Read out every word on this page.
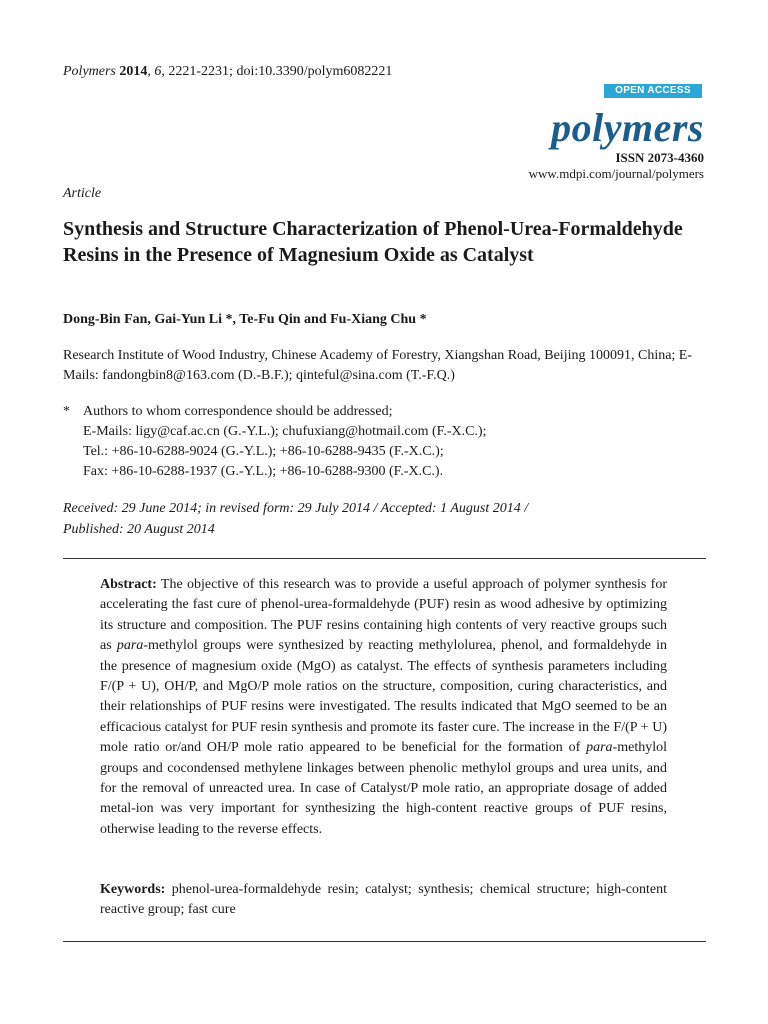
Polymers 2014, 6, 2221-2231; doi:10.3390/polym6082221
OPEN ACCESS
polymers
ISSN 2073-4360
www.mdpi.com/journal/polymers
Article
Synthesis and Structure Characterization of Phenol-Urea-Formaldehyde Resins in the Presence of Magnesium Oxide as Catalyst
Dong-Bin Fan, Gai-Yun Li *, Te-Fu Qin and Fu-Xiang Chu *
Research Institute of Wood Industry, Chinese Academy of Forestry, Xiangshan Road, Beijing 100091, China; E-Mails: fandongbin8@163.com (D.-B.F.); qinteful@sina.com (T.-F.Q.)
* Authors to whom correspondence should be addressed;
E-Mails: ligy@caf.ac.cn (G.-Y.L.); chufuxiang@hotmail.com (F.-X.C.);
Tel.: +86-10-6288-9024 (G.-Y.L.); +86-10-6288-9435 (F.-X.C.);
Fax: +86-10-6288-1937 (G.-Y.L.); +86-10-6288-9300 (F.-X.C.).
Received: 29 June 2014; in revised form: 29 July 2014 / Accepted: 1 August 2014 /
Published: 20 August 2014
Abstract: The objective of this research was to provide a useful approach of polymer synthesis for accelerating the fast cure of phenol-urea-formaldehyde (PUF) resin as wood adhesive by optimizing its structure and composition. The PUF resins containing high contents of very reactive groups such as para-methylol groups were synthesized by reacting methylolurea, phenol, and formaldehyde in the presence of magnesium oxide (MgO) as catalyst. The effects of synthesis parameters including F/(P + U), OH/P, and MgO/P mole ratios on the structure, composition, curing characteristics, and their relationships of PUF resins were investigated. The results indicated that MgO seemed to be an efficacious catalyst for PUF resin synthesis and promote its faster cure. The increase in the F/(P + U) mole ratio or/and OH/P mole ratio appeared to be beneficial for the formation of para-methylol groups and cocondensed methylene linkages between phenolic methylol groups and urea units, and for the removal of unreacted urea. In case of Catalyst/P mole ratio, an appropriate dosage of added metal-ion was very important for synthesizing the high-content reactive groups of PUF resins, otherwise leading to the reverse effects.
Keywords: phenol-urea-formaldehyde resin; catalyst; synthesis; chemical structure; high-content reactive group; fast cure
